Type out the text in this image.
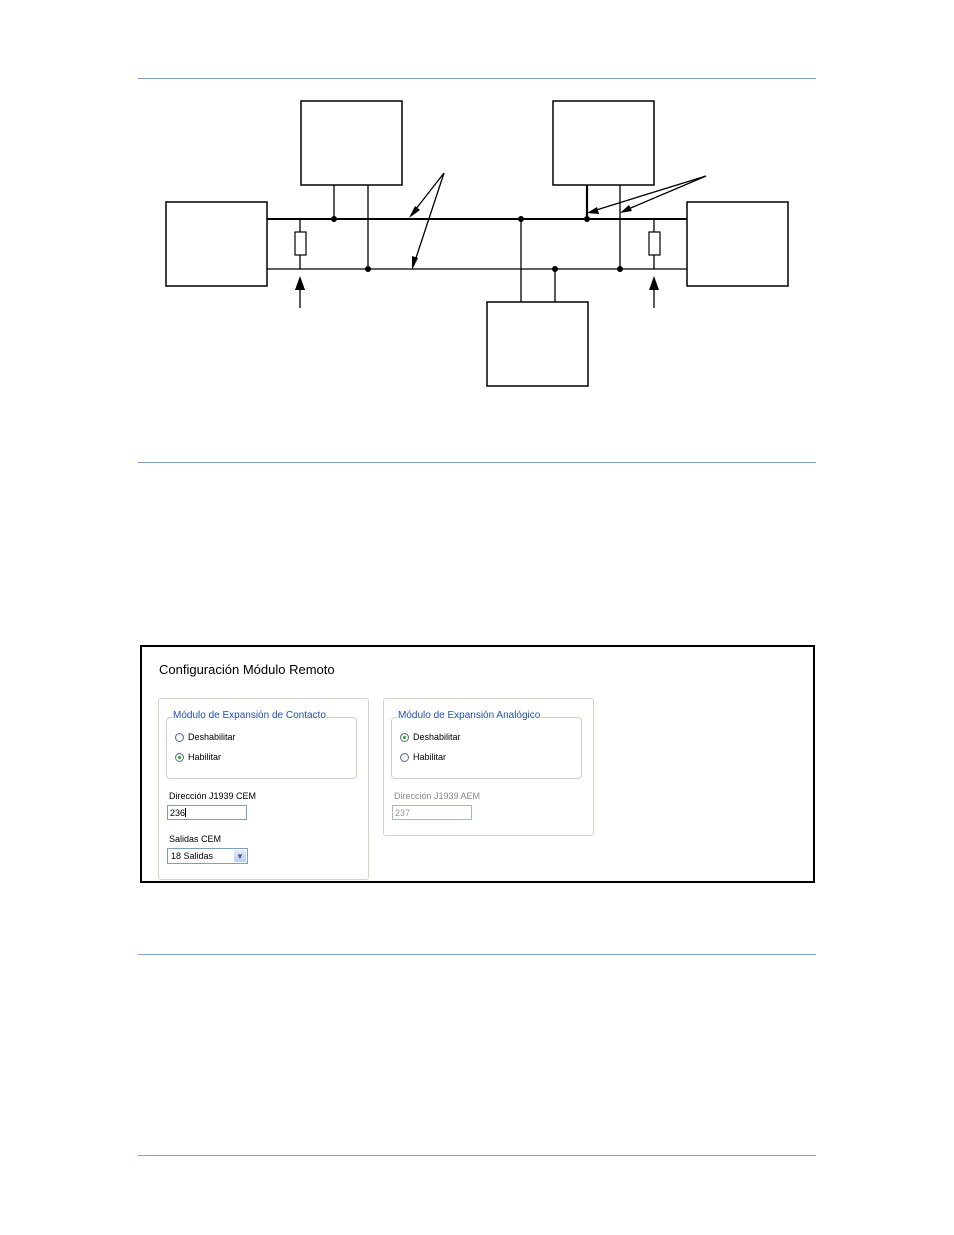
Configuración Módulo Remoto
Módulo de Expansión de Contacto
Deshabilitar
Habilitar
Dirección J1939 CEM
236
Salidas CEM
18 Salidas	▼
Módulo de Expansión Analógico
Deshabilitar
Habilitar
Dirección J1939 AEM
237
